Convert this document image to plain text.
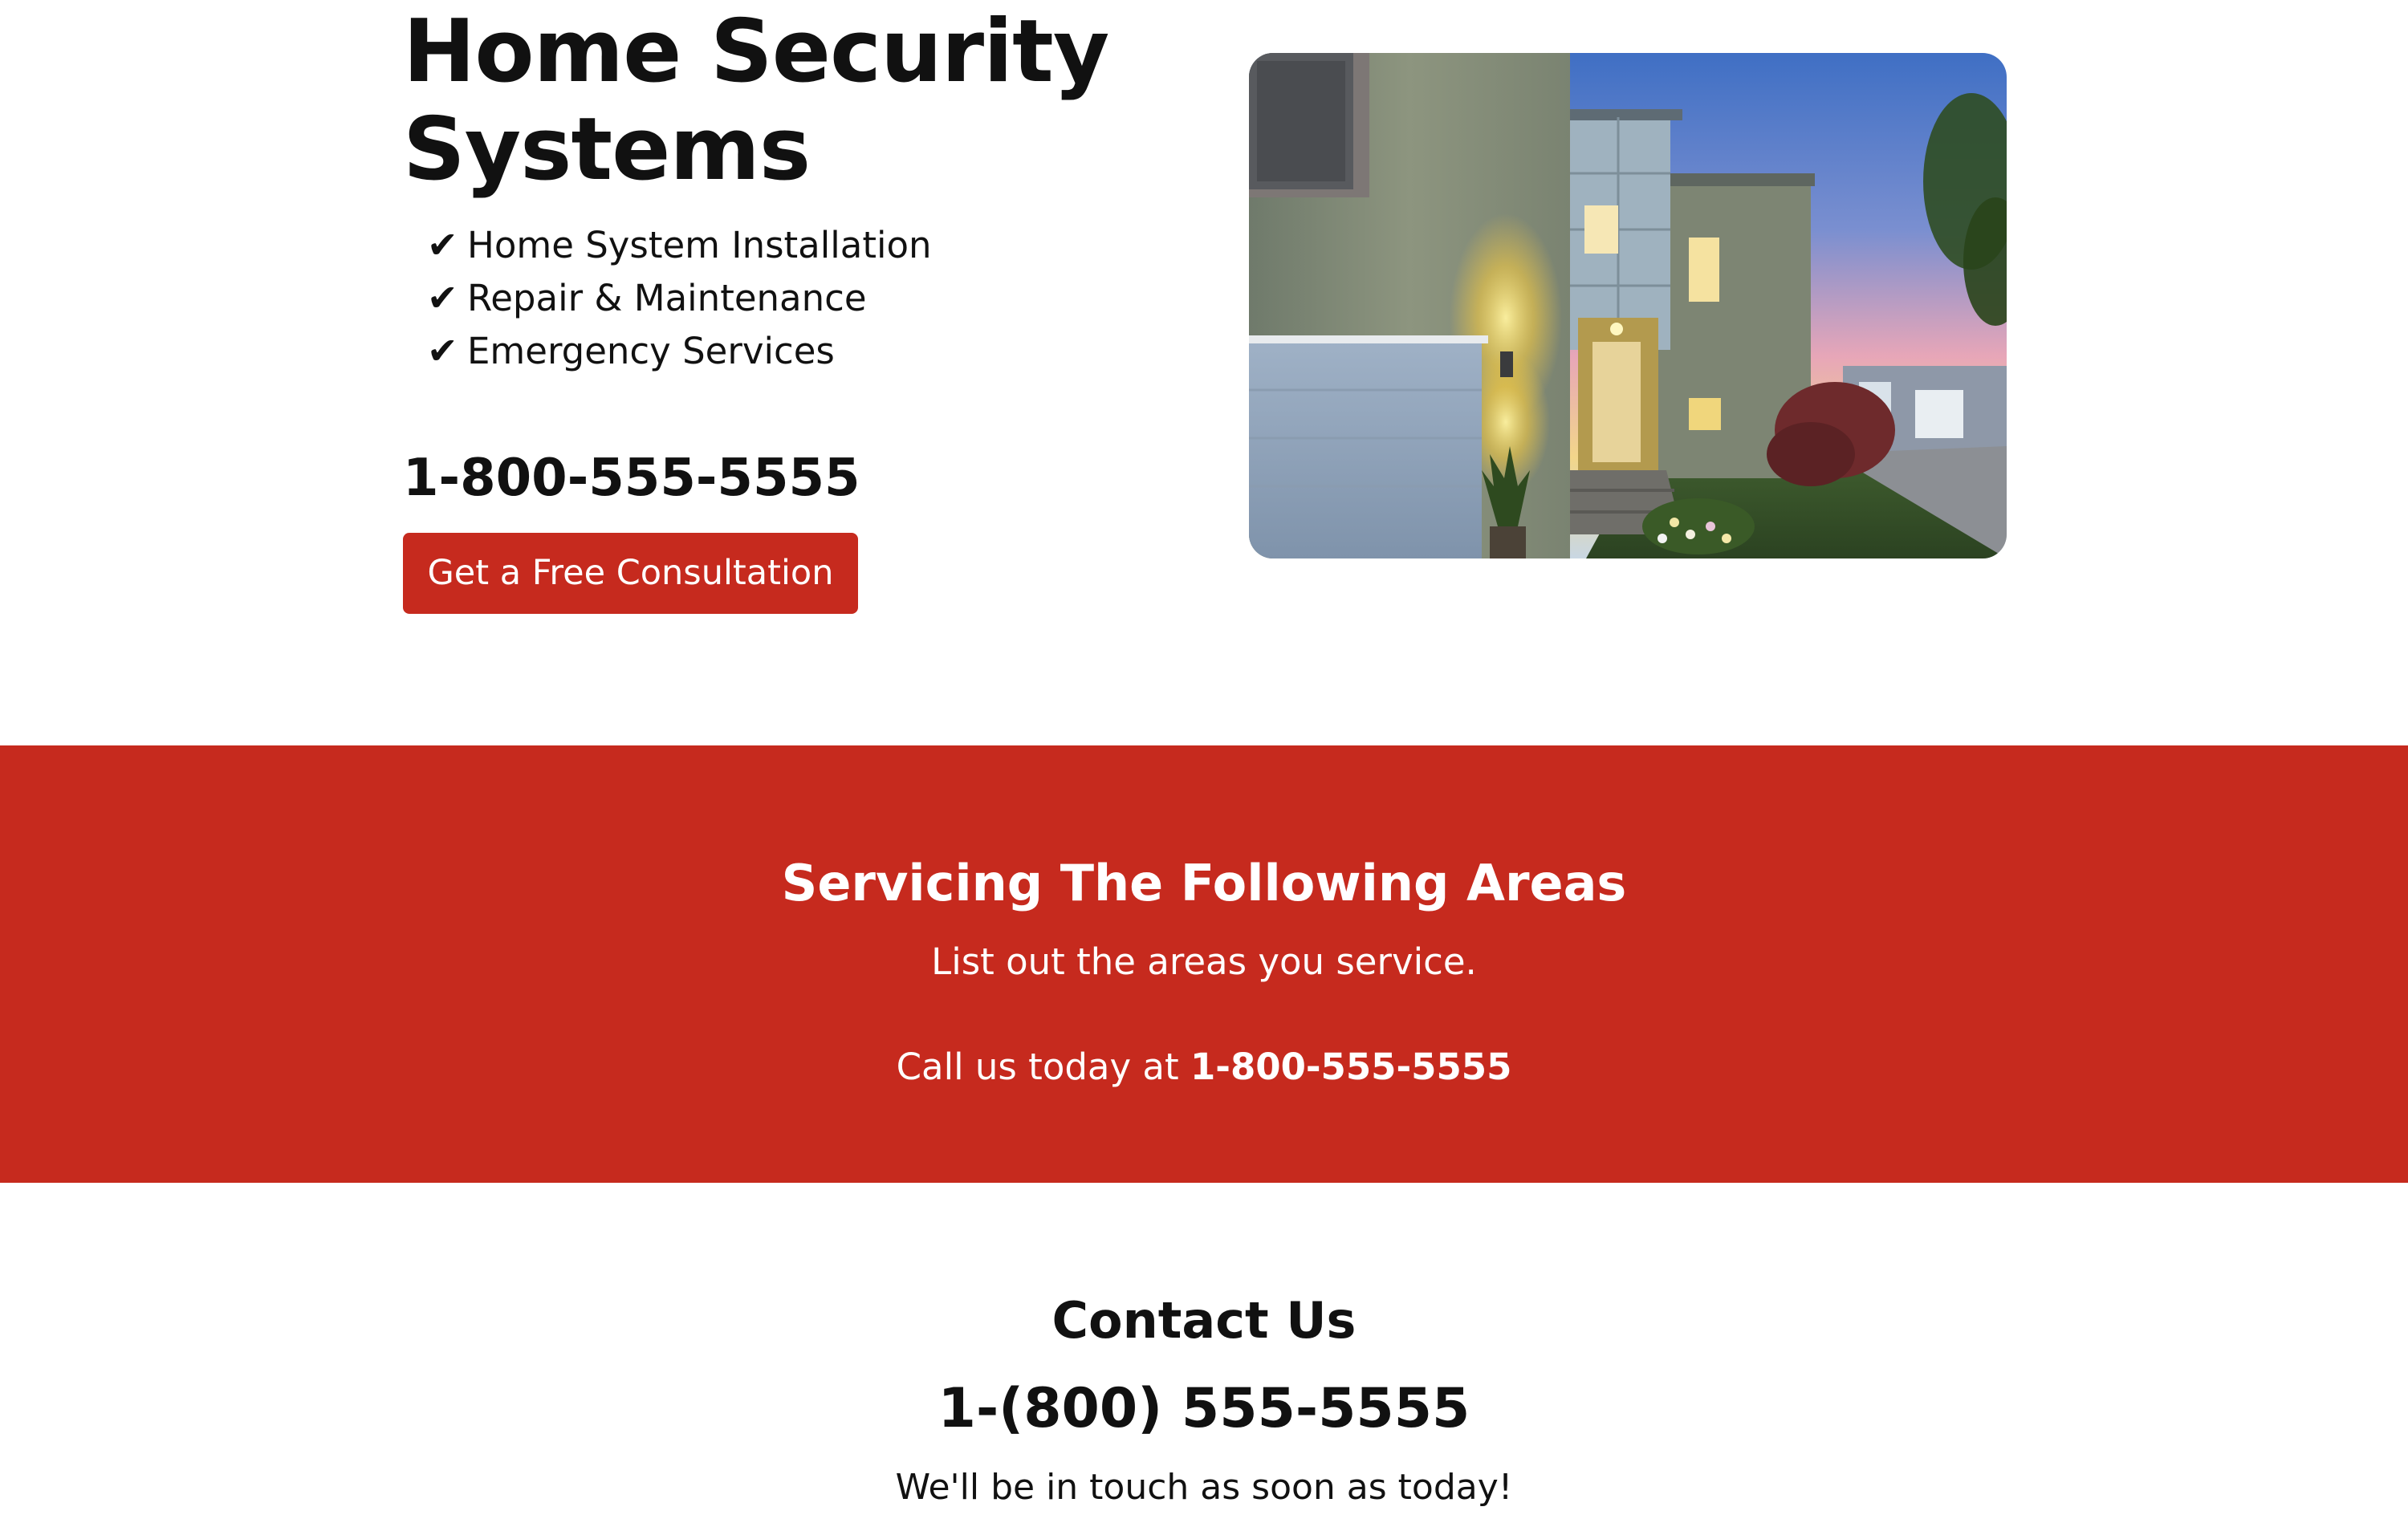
Home Security
Systems
✔ Home System Installation
✔ Repair & Maintenance
✔ Emergency Services
1-800-555-5555
Get a Free Consultation
Servicing The Following Areas

List out the areas you service.

Call us today at 1-800-555-5555

Contact Us

1-(800) 555-5555

We'll be in touch as soon as today!
